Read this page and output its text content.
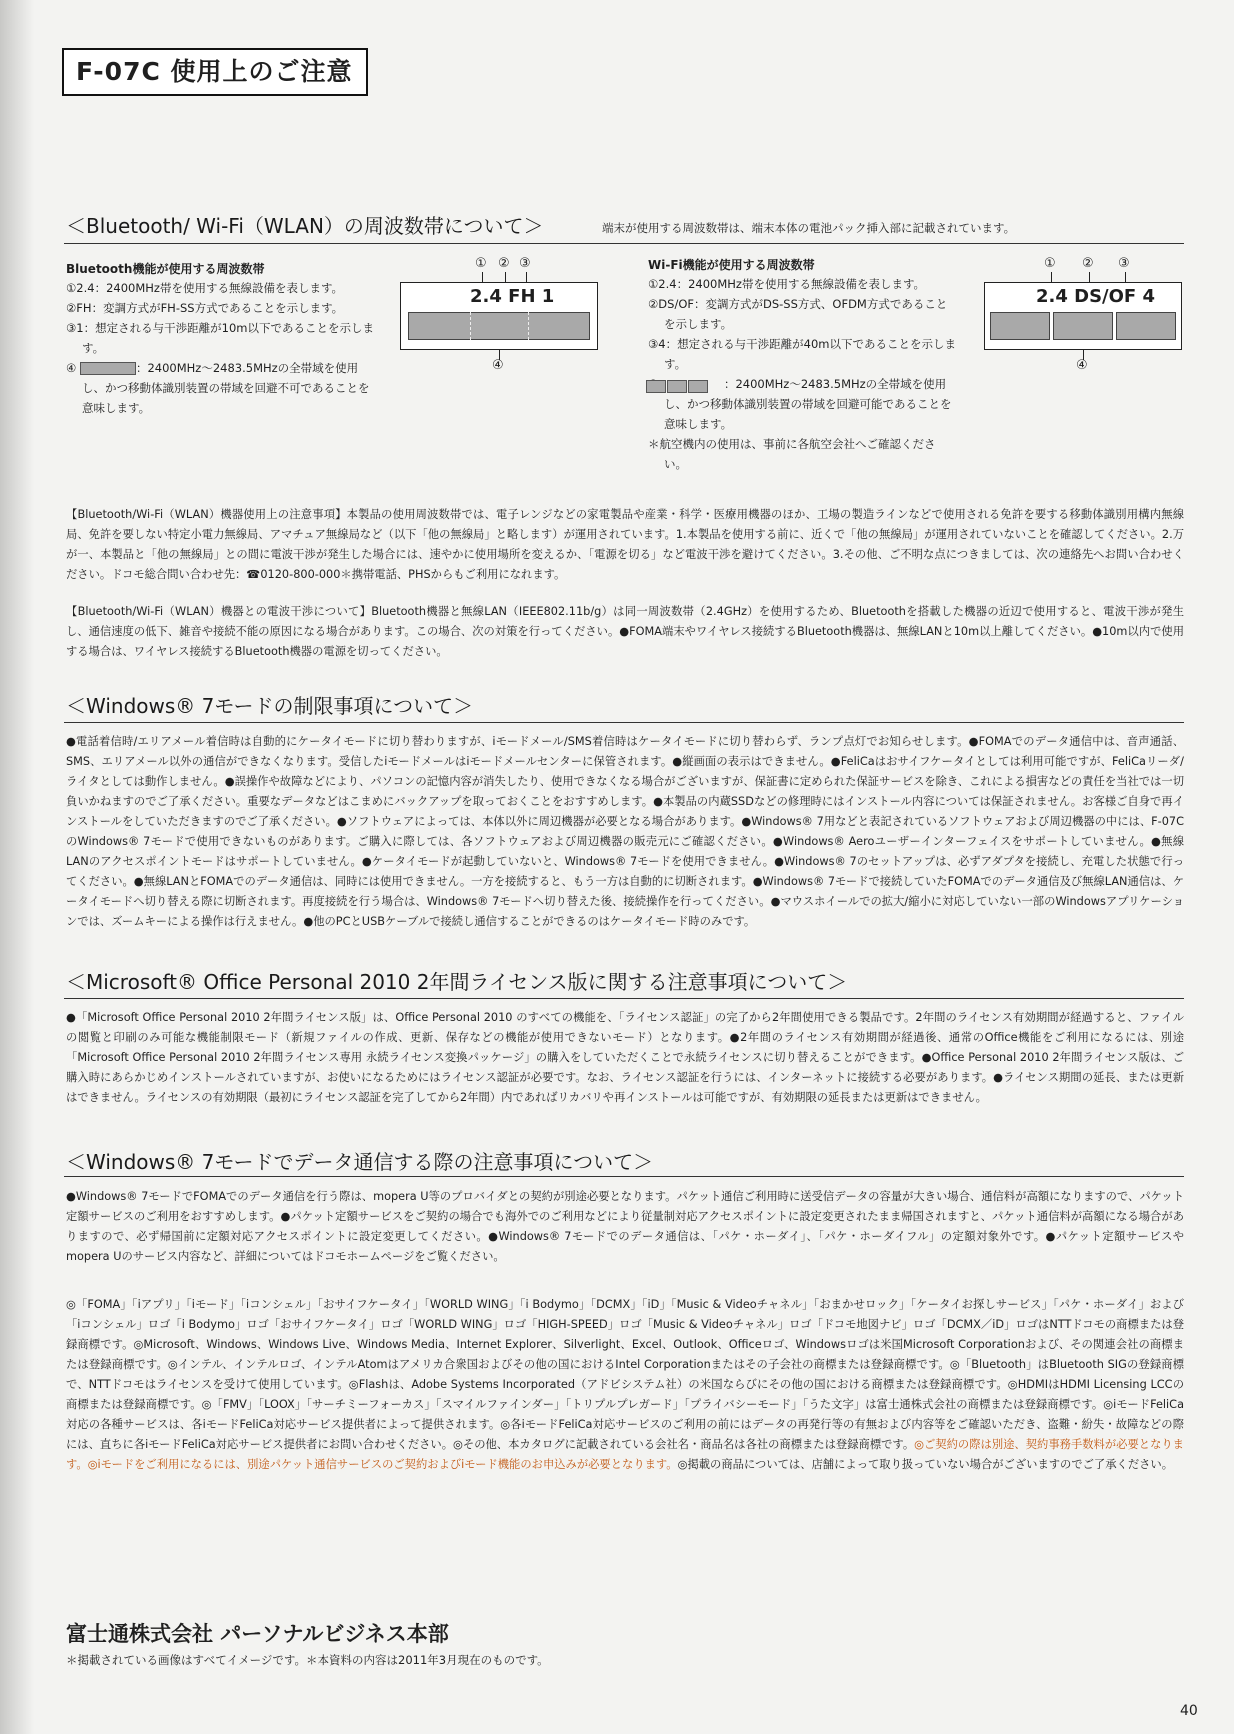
F-07C 使用上のご注意
＜Bluetooth/ Wi-Fi（WLAN）の周波数帯について＞	端末が使用する周波数帯は、端末本体の電池パック挿入部に記載されています。
Bluetooth機能が使用する周波数帯
①2.4：2400MHz帯を使用する無線設備を表します。
②FH：変調方式がFH-SS方式であることを示します。
③1：想定される与干渉距離が10m以下であることを示します。
④	：2400MHz～2483.5MHzの全帯域を使用し、かつ移動体識別装置の帯域を回避不可であることを意味します。
① ② ③
2.4 FH 1
④
Wi-Fi機能が使用する周波数帯
①2.4：2400MHz帯を使用する無線設備を表します。
②DS/OF：変調方式がDS-SS方式、OFDM方式であることを示します。
③4：想定される与干渉距離が40m以下であることを示します。
：2400MHz～2483.5MHzの全帯域を使用し、かつ移動体識別装置の帯域を回避可能であることを意味します。
＊航空機内の使用は、事前に各航空会社へご確認ください。
① ② ③
2.4 DS/OF 4
④

【Bluetooth/Wi-Fi（WLAN）機器使用上の注意事項】本製品の使用周波数帯では、電子レンジなどの家電製品や産業・科学・医療用機器のほか、工場の製造ラインなどで使用される免許を要する移動体識別用構内無線局、免許を要しない特定小電力無線局、アマチュア無線局など（以下「他の無線局」と略します）が運用されています。1.本製品を使用する前に、近くで「他の無線局」が運用されていないことを確認してください。2.万が一、本製品と「他の無線局」との間に電波干渉が発生した場合には、速やかに使用場所を変えるか、「電源を切る」など電波干渉を避けてください。3.その他、ご不明な点につきましては、次の連絡先へお問い合わせください。ドコモ総合問い合わせ先：☎0120-800-000＊携帯電話、PHSからもご利用になれます。

【Bluetooth/Wi-Fi（WLAN）機器との電波干渉について】Bluetooth機器と無線LAN（IEEE802.11b/g）は同一周波数帯（2.4GHz）を使用するため、Bluetoothを搭載した機器の近辺で使用すると、電波干渉が発生し、通信速度の低下、雑音や接続不能の原因になる場合があります。この場合、次の対策を行ってください。●FOMA端末やワイヤレス接続するBluetooth機器は、無線LANと10m以上離してください。●10m以内で使用する場合は、ワイヤレス接続するBluetooth機器の電源を切ってください。

＜Windows® 7モードの制限事項について＞

●電話着信時/エリアメール着信時は自動的にケータイモードに切り替わりますが、iモードメール/SMS着信時はケータイモードに切り替わらず、ランプ点灯でお知らせします。●FOMAでのデータ通信中は、音声通話、SMS、エリアメール以外の通信ができなくなります。受信したiモードメールはiモードメールセンターに保管されます。●縦画面の表示はできません。●FeliCaはおサイフケータイとしては利用可能ですが、FeliCaリーダ/ライタとしては動作しません。●誤操作や故障などにより、パソコンの記憶内容が消失したり、使用できなくなる場合がございますが、保証書に定められた保証サービスを除き、これによる損害などの責任を当社では一切負いかねますのでご了承ください。重要なデータなどはこまめにバックアップを取っておくことをおすすめします。●本製品の内蔵SSDなどの修理時にはインストール内容については保証されません。お客様ご自身で再インストールをしていただきますのでご了承ください。●ソフトウェアによっては、本体以外に周辺機器が必要となる場合があります。●Windows® 7用などと表記されているソフトウェアおよび周辺機器の中には、F-07CのWindows® 7モードで使用できないものがあります。ご購入に際しては、各ソフトウェアおよび周辺機器の販売元にご確認ください。●Windows® Aeroユーザーインターフェイスをサポートしていません。●無線LANのアクセスポイントモードはサポートしていません。●ケータイモードが起動していないと、Windows® 7モードを使用できません。●Windows® 7のセットアップは、必ずアダプタを接続し、充電した状態で行ってください。●無線LANとFOMAでのデータ通信は、同時には使用できません。一方を接続すると、もう一方は自動的に切断されます。●Windows® 7モードで接続していたFOMAでのデータ通信及び無線LAN通信は、ケータイモードへ切り替える際に切断されます。再度接続を行う場合は、Windows® 7モードへ切り替えた後、接続操作を行ってください。●マウスホイールでの拡大/縮小に対応していない一部のWindowsアプリケーションでは、ズームキーによる操作は行えません。●他のPCとUSBケーブルで接続し通信することができるのはケータイモード時のみです。

＜Microsoft® Office Personal 2010 2年間ライセンス版に関する注意事項について＞

●「Microsoft Office Personal 2010 2年間ライセンス版」は、Office Personal 2010 のすべての機能を、「ライセンス認証」の完了から2年間使用できる製品です。2年間のライセンス有効期間が経過すると、ファイルの閲覧と印刷のみ可能な機能制限モード（新規ファイルの作成、更新、保存などの機能が使用できないモード）となります。●2年間のライセンス有効期間が経過後、通常のOffice機能をご利用になるには、別途「Microsoft Office Personal 2010 2年間ライセンス専用 永続ライセンス変換パッケージ」の購入をしていただくことで永続ライセンスに切り替えることができます。●Office Personal 2010 2年間ライセンス版は、ご購入時にあらかじめインストールされていますが、お使いになるためにはライセンス認証が必要です。なお、ライセンス認証を行うには、インターネットに接続する必要があります。●ライセンス期間の延長、または更新はできません。ライセンスの有効期限（最初にライセンス認証を完了してから2年間）内であればリカバリや再インストールは可能ですが、有効期限の延長または更新はできません。

＜Windows® 7モードでデータ通信する際の注意事項について＞

●Windows® 7モードでFOMAでのデータ通信を行う際は、mopera U等のプロバイダとの契約が別途必要となります。パケット通信ご利用時に送受信データの容量が大きい場合、通信料が高額になりますので、パケット定額サービスのご利用をおすすめします。●パケット定額サービスをご契約の場合でも海外でのご利用などにより従量制対応アクセスポイントに設定変更されたまま帰国されますと、パケット通信料が高額になる場合がありますので、必ず帰国前に定額対応アクセスポイントに設定変更してください。●Windows® 7モードでのデータ通信は、「パケ・ホーダイ」、「パケ・ホーダイフル」の定額対象外です。●パケット定額サービスやmopera Uのサービス内容など、詳細についてはドコモホームページをご覧ください。

◎「FOMA」「iアプリ」「iモード」「iコンシェル」「おサイフケータイ」「WORLD WING」「i Bodymo」「DCMX」「iD」「Music & Videoチャネル」「おまかせロック」「ケータイお探しサービス」「パケ・ホーダイ」および「iコンシェル」ロゴ「i Bodymo」ロゴ「おサイフケータイ」ロゴ「WORLD WING」ロゴ「HIGH-SPEED」ロゴ「Music & Videoチャネル」ロゴ「ドコモ地図ナビ」ロゴ「DCMX／iD」ロゴはNTTドコモの商標または登録商標です。◎Microsoft、Windows、Windows Live、Windows Media、Internet Explorer、Silverlight、Excel、Outlook、Officeロゴ、Windowsロゴは米国Microsoft Corporationおよび、その関連会社の商標または登録商標です。◎インテル、インテルロゴ、インテルAtomはアメリカ合衆国およびその他の国におけるIntel Corporationまたはその子会社の商標または登録商標です。◎「Bluetooth」はBluetooth SIGの登録商標で、NTTドコモはライセンスを受けて使用しています。◎Flashは、Adobe Systems Incorporated（アドビシステム社）の米国ならびにその他の国における商標または登録商標です。◎HDMIはHDMI Licensing LCCの商標または登録商標です。◎「FMV」「LOOX」「サーチミーフォーカス」「スマイルファインダー」「トリプルプレガード」「プライバシーモード」「うた文字」は富士通株式会社の商標または登録商標です。◎iモードFeliCa対応の各種サービスは、各iモードFeliCa対応サービス提供者によって提供されます。◎各iモードFeliCa対応サービスのご利用の前にはデータの再発行等の有無および内容等をご確認いただき、盗難・紛失・故障などの際には、直ちに各iモードFeliCa対応サービス提供者にお問い合わせください。◎その他、本カタログに記載されている会社名・商品名は各社の商標または登録商標です。◎ご契約の際は別途、契約事務手数料が必要となります。◎iモードをご利用になるには、別途パケット通信サービスのご契約およびiモード機能のお申込みが必要となります。◎掲載の商品については、店舗によって取り扱っていない場合がございますのでご了承ください。

富士通株式会社 パーソナルビジネス本部
＊掲載されている画像はすべてイメージです。＊本資料の内容は2011年3月現在のものです。
40
